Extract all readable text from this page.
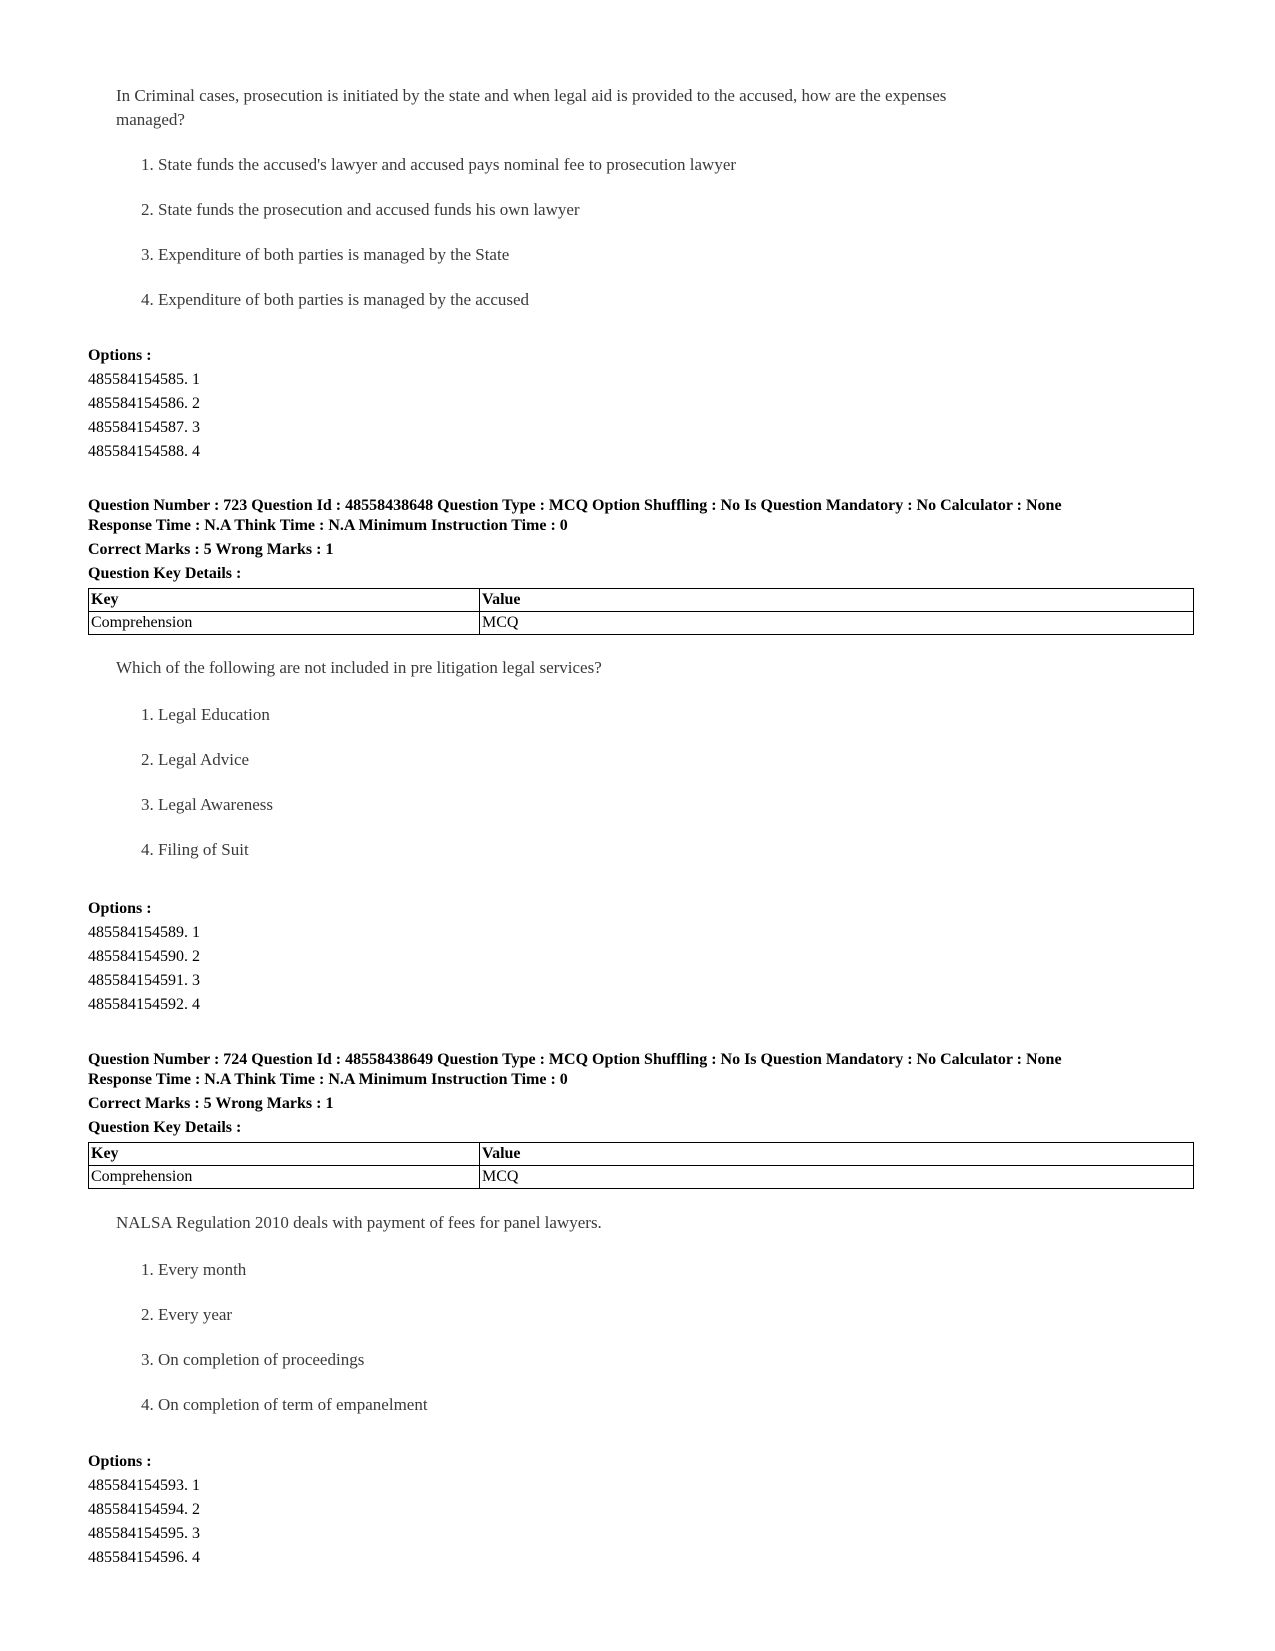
In Criminal cases, prosecution is initiated by the state and when legal aid is provided to the accused, how are the expenses managed?
1. State funds the accused's lawyer and accused pays nominal fee to prosecution lawyer
2. State funds the prosecution and accused funds his own lawyer
3. Expenditure of both parties is managed by the State
4. Expenditure of both parties is managed by the accused
Options :
485584154585. 1
485584154586. 2
485584154587. 3
485584154588. 4
Question Number : 723 Question Id : 48558438648 Question Type : MCQ Option Shuffling : No Is Question Mandatory : No Calculator : None
Response Time : N.A Think Time : N.A Minimum Instruction Time : 0
Correct Marks : 5 Wrong Marks : 1
Question Key Details :
Key	Value
Comprehension	MCQ
Which of the following are not included in pre litigation legal services?
1. Legal Education
2. Legal Advice
3. Legal Awareness
4. Filing of Suit
Options :
485584154589. 1
485584154590. 2
485584154591. 3
485584154592. 4
Question Number : 724 Question Id : 48558438649 Question Type : MCQ Option Shuffling : No Is Question Mandatory : No Calculator : None
Response Time : N.A Think Time : N.A Minimum Instruction Time : 0
Correct Marks : 5 Wrong Marks : 1
Question Key Details :
Key	Value
Comprehension	MCQ
NALSA Regulation 2010 deals with payment of fees for panel lawyers.
1. Every month
2. Every year
3. On completion of proceedings
4. On completion of term of empanelment
Options :
485584154593. 1
485584154594. 2
485584154595. 3
485584154596. 4
